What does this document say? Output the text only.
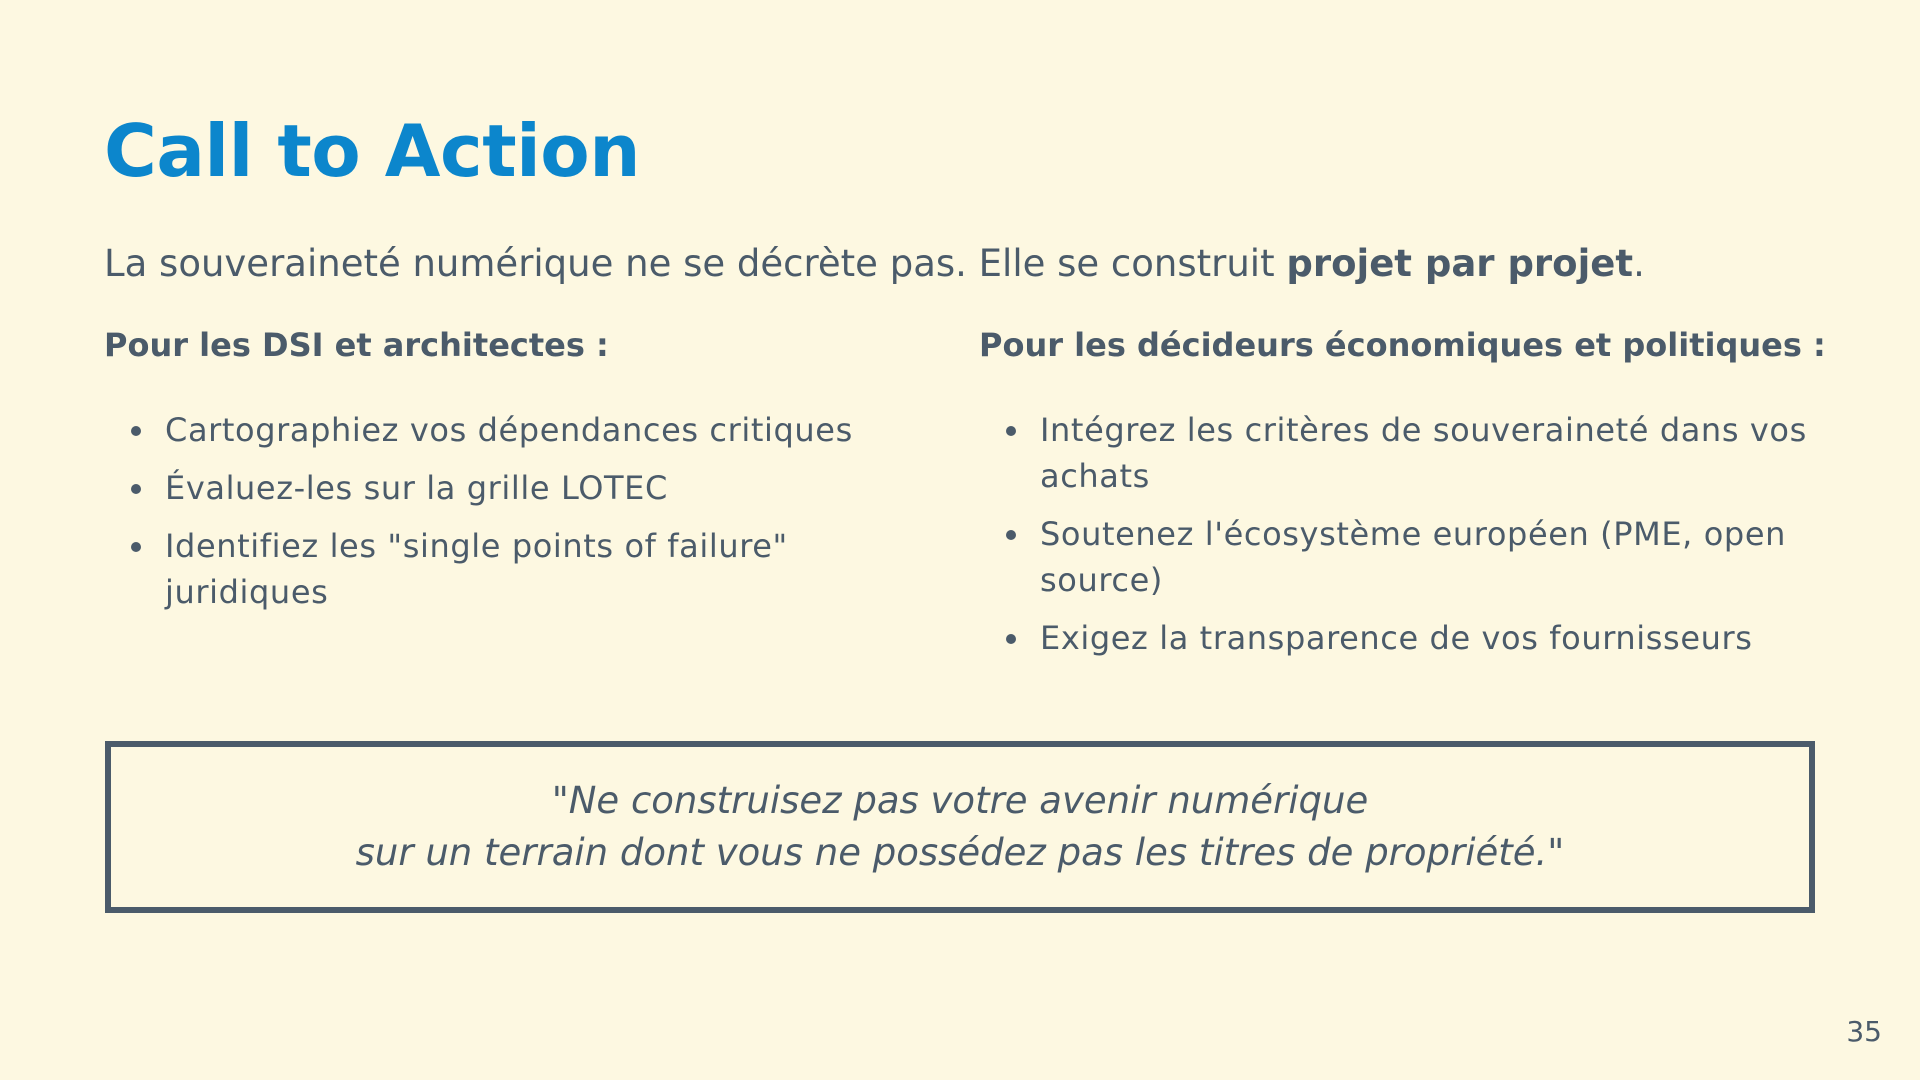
Call to Action

La souveraineté numérique ne se décrète pas. Elle se construit projet par projet.

Pour les DSI et architectes :
Cartographiez vos dépendances critiques
Évaluez-les sur la grille LOTEC
Identifiez les "single points of failure" juridiques
Pour les décideurs économiques et politiques :
Intégrez les critères de souveraineté dans vos achats
Soutenez l'écosystème européen (PME, open source)
Exigez la transparence de vos fournisseurs
"Ne construisez pas votre avenir numérique
sur un terrain dont vous ne possédez pas les titres de propriété."
35
